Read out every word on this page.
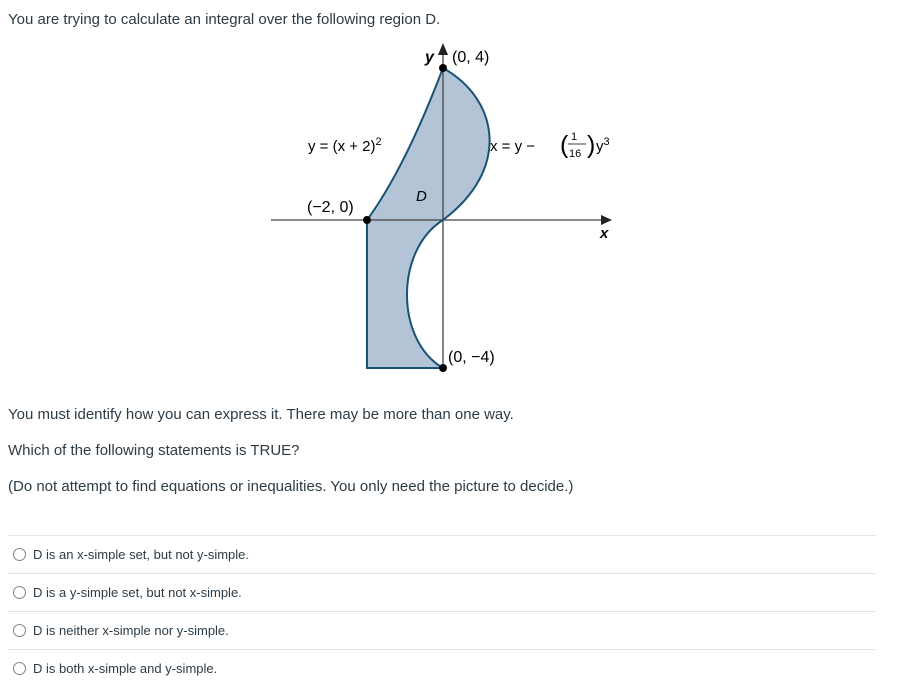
You are trying to calculate an integral over the following region D.

y
x
(0, 4)
(−2, 0)
(0, −4)
D
$y = (x + 2)^2$	x = y − ( 1
16 ) $y^3$

You must identify how you can express it. There may be more than one way.

Which of the following statements is TRUE?

(Do not attempt to find equations or inequalities. You only need the picture to decide.)

D is an x-simple set, but not y-simple.
D is a y-simple set, but not x-simple.
D is neither x-simple nor y-simple.
D is both x-simple and y-simple.
